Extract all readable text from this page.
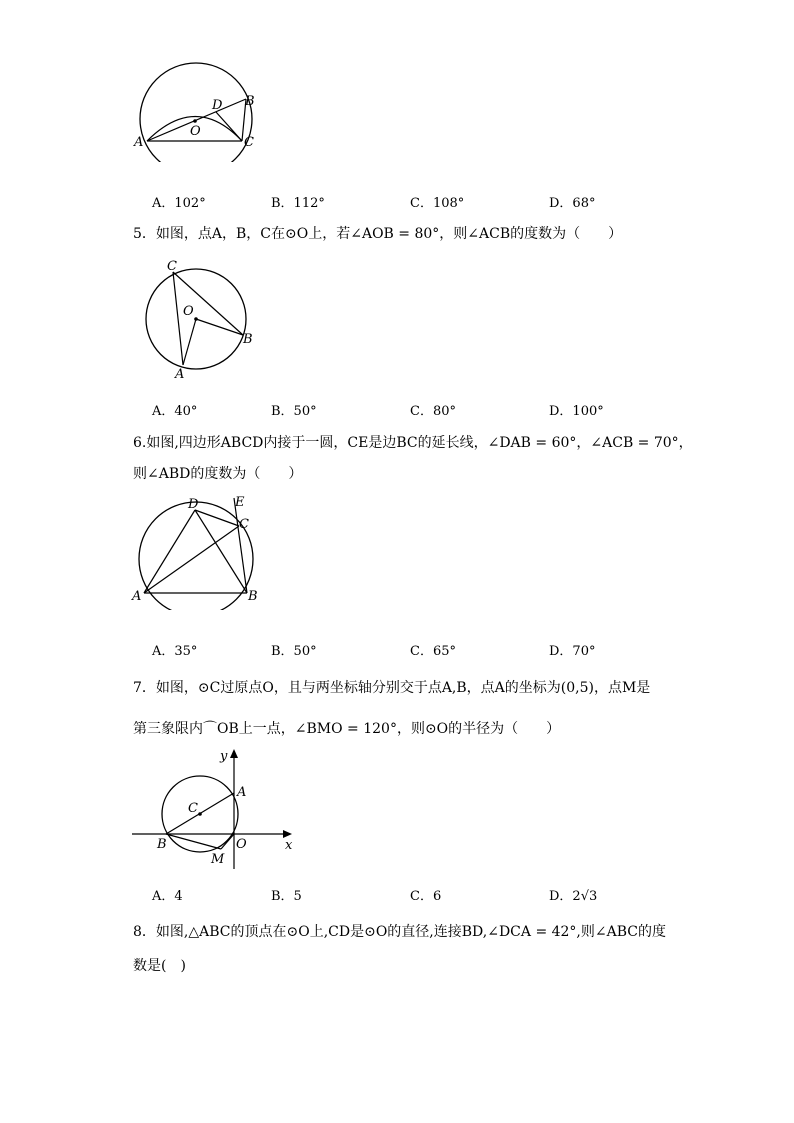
A
B
C
D
O
A．102°	B．112°	C．108°	D．68°
5．如图，点A，B，C在⊙O上，若∠AOB = 80°，则∠ACB的度数为（　　）
C
O
B
A
A．40°	B．50°	C．80°	D．100°
6.如图,四边形ABCD内接于一圆，CE是边BC的延长线，∠DAB = 60°，∠ACB = 70°，
则∠ABD的度数为（　　）
D	E
C
A	B
A．35°	B．50°	C．65°	D．70°
7．如图，⊙C过原点O，且与两坐标轴分别交于点A,B，点A的坐标为(0,5)，点M是
第三象限内⌒OB上一点，∠BMO = 120°，则⊙O的半径为（　　）
y
A
C
B	O
M
x
A．4	B．5	C．6	D．2√3
8．如图,△ABC的顶点在⊙O上,CD是⊙O的直径,连接BD,∠DCA = 42°,则∠ABC的度
数是(　)
